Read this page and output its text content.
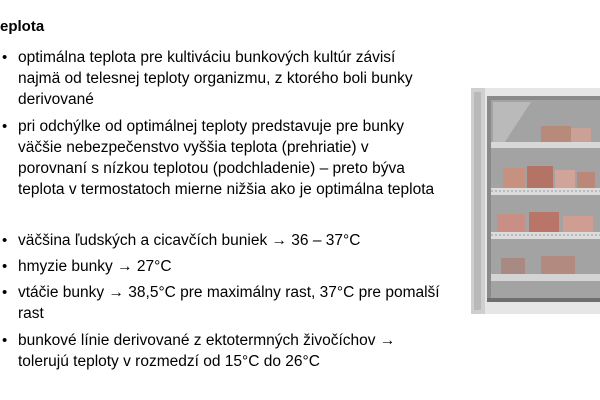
eplota
• optimálna teplota pre kultiváciu bunkových kultúr závisí
najmä od telesnej teploty organizmu, z ktorého boli bunky
derivované
• pri odchýlke od optimálnej teploty predstavuje pre bunky
väčšie nebezpečenstvo vyššia teplota (prehriatie) v
porovnaní s nízkou teplotou (podchladenie) – preto býva
teplota v termostatoch mierne nižšia ako je optimálna teplota
• väčšina ľudských a cicavčích buniek → 36 – 37°C
• hmyzie bunky → 27°C
• vtáčie bunky → 38,5°C pre maximálny rast, 37°C pre pomalší
rast
• bunkové línie derivované z ektotermných živočíchov →
tolerujú teploty v rozmedzí od 15°C do 26°C
